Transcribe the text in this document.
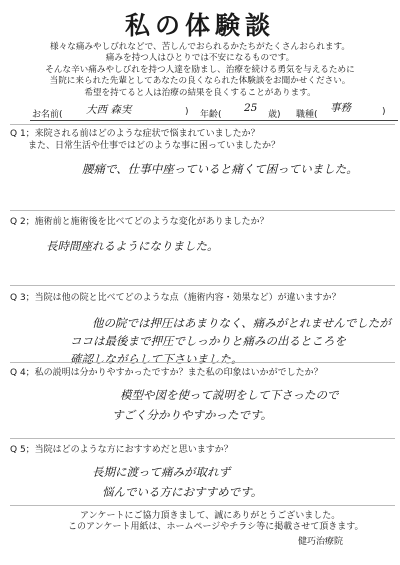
私の体験談
様々な痛みやしびれなどで、苦しんでおられるかたちがたくさんおられます。
痛みを持つ人はひとりでは不安になるものです。
そんな辛い痛みやしびれを持つ人達を励まし、治療を続ける勇気を与えるために
当院に来られた先輩としてあなたの良くなられた体験談をお聞かせください。
希望を持てると人は治療の結果を良くすることがあります。
お名前( 大西 森実	) 年齢(
25
歳) 職種(
事務	)
Q 1；来院される前はどのような症状で悩まれていましたか？
　　また、日常生活や仕事ではどのような事に困っていましたか？
腰痛で、仕事中座っていると痛くて困っていました。
Q 2；施術前と施術後を比べてどのような変化がありましたか？
長時間座れるようになりました。
Q 3；当院は他の院と比べてどのような点（施術内容・効果など）が違いますか？
他の院では押圧はあまりなく、痛みがとれませんでしたが
ココは最後まで押圧でしっかりと痛みの出るところを
確認しながらして下さいました。
Q 4；私の説明は分かりやすかったですか？また私の印象はいかがでしたか？
模型や図を使って説明をして下さったので
すごく分かりやすかったです。
Q 5；当院はどのような方におすすめだと思いますか？
長期に渡って痛みが取れず
悩んでいる方におすすめです。
アンケートにご協力頂きまして、誠にありがとうございました。
このアンケート用紙は、ホームページやチラシ等に掲載させて頂きます。
健巧治療院
